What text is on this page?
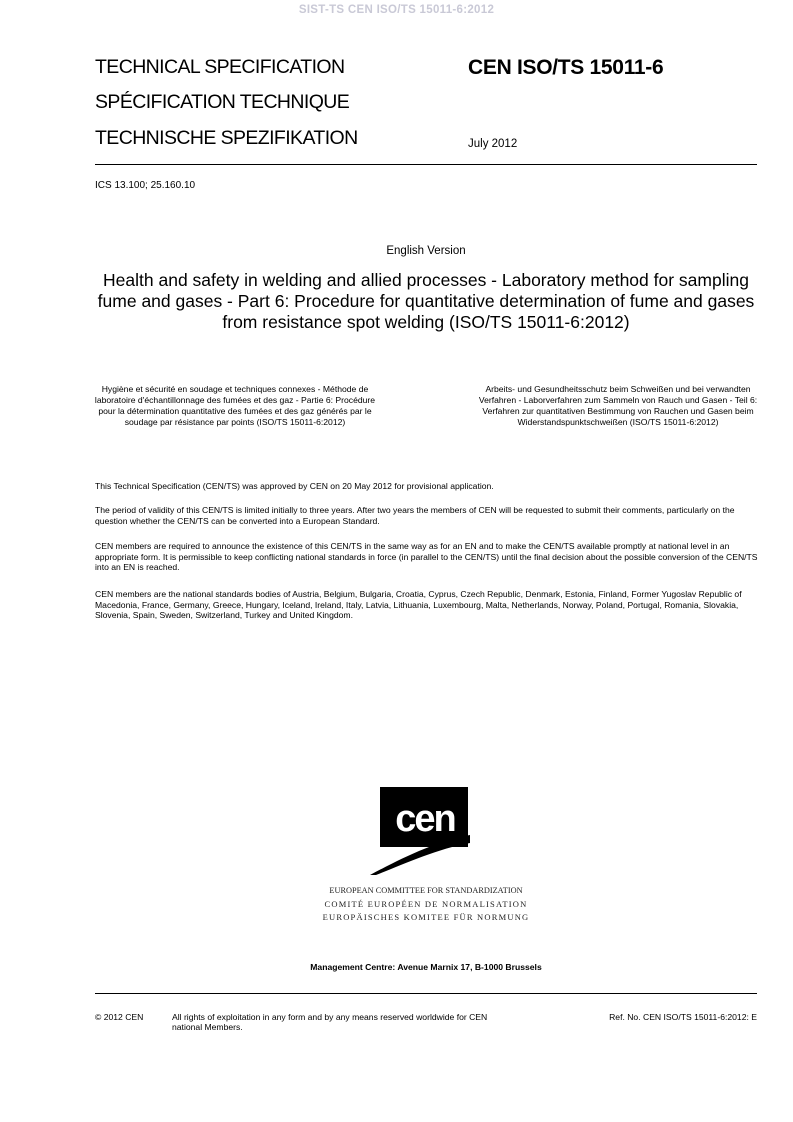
SIST-TS CEN ISO/TS 15011-6:2012
TECHNICAL SPECIFICATION
SPÉCIFICATION TECHNIQUE
TECHNISCHE SPEZIFIKATION
CEN ISO/TS 15011-6
July 2012
ICS 13.100; 25.160.10
English Version
Health and safety in welding and allied processes - Laboratory method for sampling fume and gases - Part 6: Procedure for quantitative determination of fume and gases from resistance spot welding (ISO/TS 15011-6:2012)
Hygiène et sécurité en soudage et techniques connexes - Méthode de laboratoire d'échantillonnage des fumées et des gaz - Partie 6: Procédure pour la détermination quantitative des fumées et des gaz générés par le soudage par résistance par points (ISO/TS 15011-6:2012)
Arbeits- und Gesundheitsschutz beim Schweißen und bei verwandten Verfahren - Laborverfahren zum Sammeln von Rauch und Gasen - Teil 6: Verfahren zur quantitativen Bestimmung von Rauchen und Gasen beim Widerstandspunktschweißen (ISO/TS 15011-6:2012)
This Technical Specification (CEN/TS) was approved by CEN on 20 May 2012 for provisional application.
The period of validity of this CEN/TS is limited initially to three years. After two years the members of CEN will be requested to submit their comments, particularly on the question whether the CEN/TS can be converted into a European Standard.
CEN members are required to announce the existence of this CEN/TS in the same way as for an EN and to make the CEN/TS available promptly at national level in an appropriate form. It is permissible to keep conflicting national standards in force (in parallel to the CEN/TS) until the final decision about the possible conversion of the CEN/TS into an EN is reached.
CEN members are the national standards bodies of Austria, Belgium, Bulgaria, Croatia, Cyprus, Czech Republic, Denmark, Estonia, Finland, Former Yugoslav Republic of Macedonia, France, Germany, Greece, Hungary, Iceland, Ireland, Italy, Latvia, Lithuania, Luxembourg, Malta, Netherlands, Norway, Poland, Portugal, Romania, Slovakia, Slovenia, Spain, Sweden, Switzerland, Turkey and United Kingdom.
cen
EUROPEAN COMMITTEE FOR STANDARDIZATION
COMITÉ EUROPÉEN DE NORMALISATION
EUROPÄISCHES KOMITEE FÜR NORMUNG
Management Centre: Avenue Marnix 17, B-1000 Brussels
© 2012 CEN	All rights of exploitation in any form and by any means reserved worldwide for CEN national Members.
Ref. No. CEN ISO/TS 15011-6:2012: E
